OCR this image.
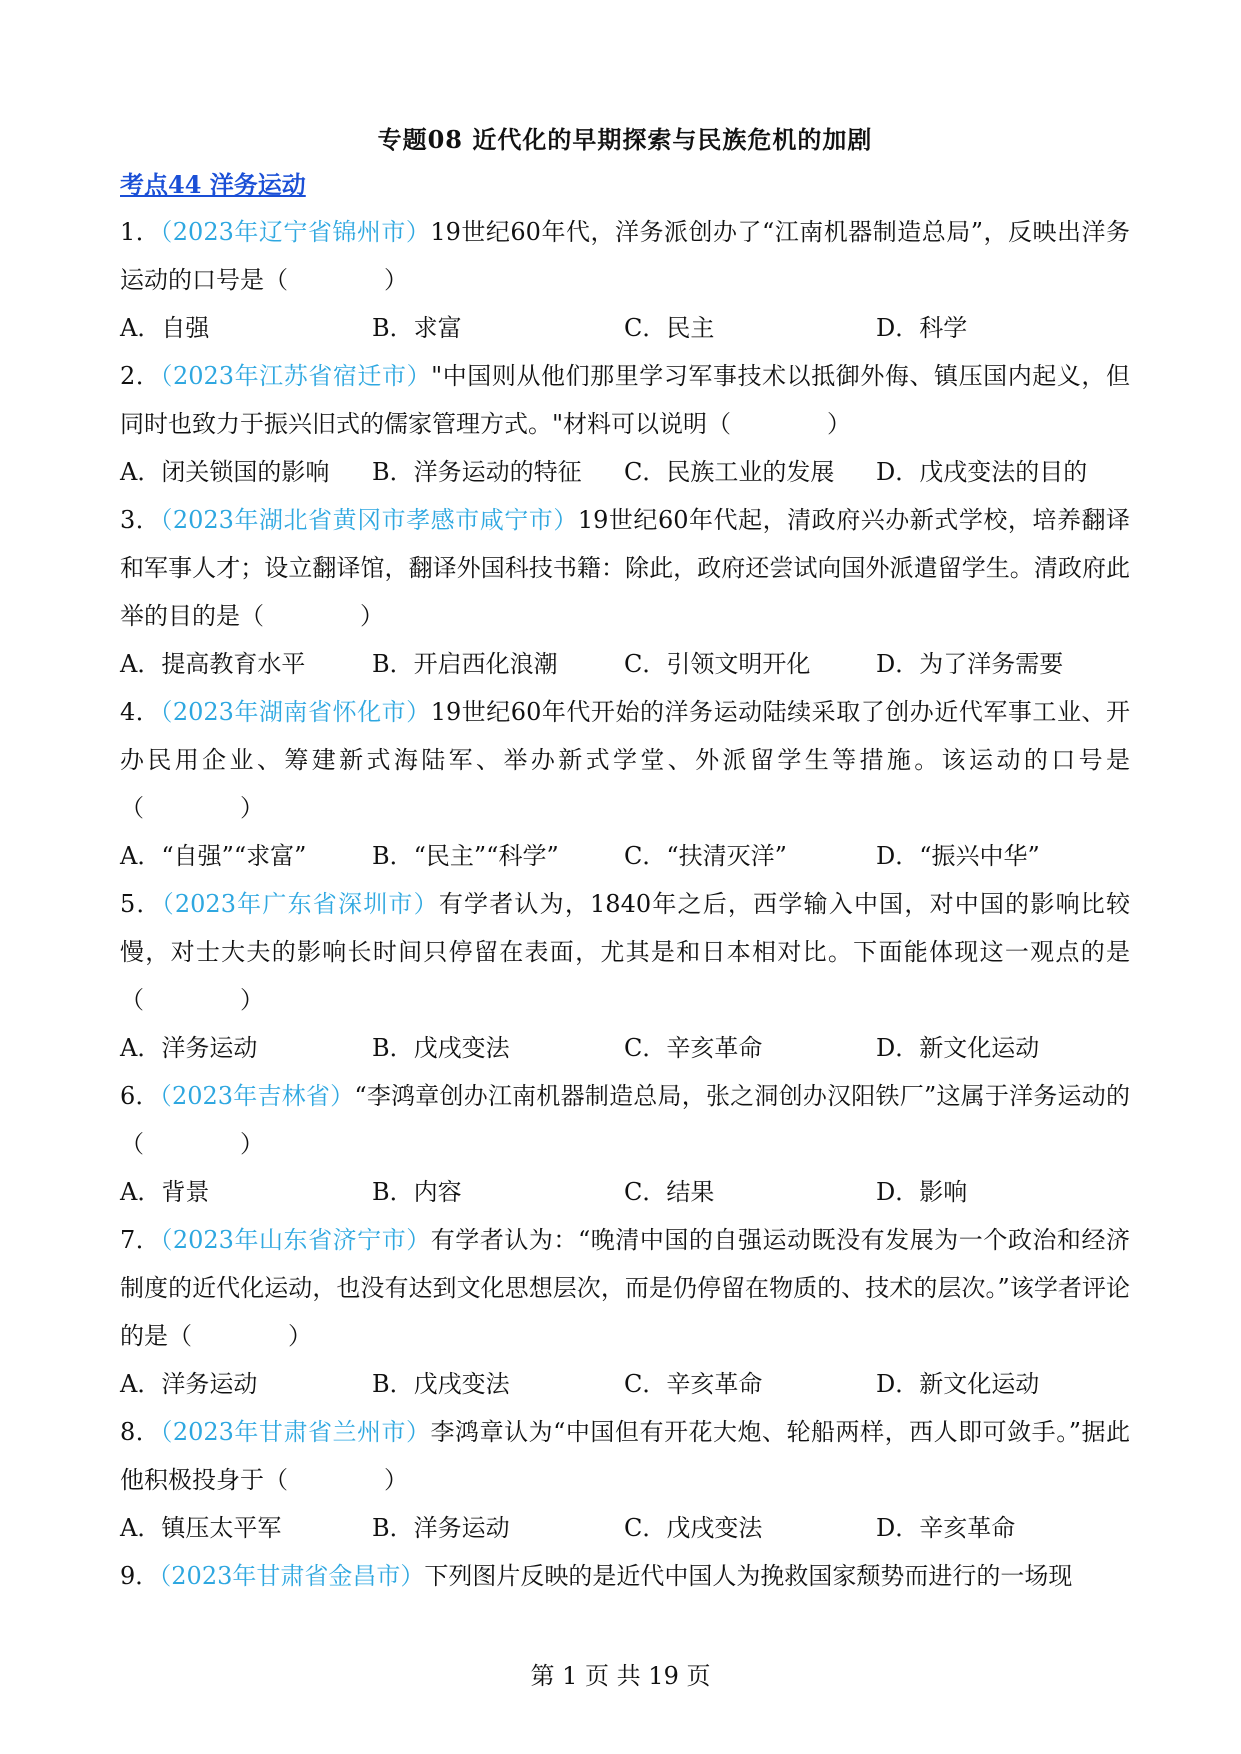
专题08 近代化的早期探索与民族危机的加剧
考点44 洋务运动
1．（2023年辽宁省锦州市）19世纪60年代，洋务派创办了“江南机器制造总局”，反映出洋务运动的口号是（　　　　）
A．自强	B．求富	C．民主	D．科学
2．（2023年江苏省宿迁市）"中国则从他们那里学习军事技术以抵御外侮、镇压国内起义，但同时也致力于振兴旧式的儒家管理方式。"材料可以说明（　　　　）
A．闭关锁国的影响	B．洋务运动的特征	C．民族工业的发展	D．戊戌变法的目的
3．（2023年湖北省黄冈市孝感市咸宁市）19世纪60年代起，清政府兴办新式学校，培养翻译和军事人才；设立翻译馆，翻译外国科技书籍：除此，政府还尝试向国外派遣留学生。清政府此举的目的是（　　　　）
A．提高教育水平	B．开启西化浪潮	C．引领文明开化	D．为了洋务需要
4．（2023年湖南省怀化市）19世纪60年代开始的洋务运动陆续采取了创办近代军事工业、开办民用企业、筹建新式海陆军、举办新式学堂、外派留学生等措施。该运动的口号是（　　　　）
A．“自强”“求富”	B．“民主”“科学”	C．“扶清灭洋”	D．“振兴中华”
5．（2023年广东省深圳市）有学者认为，1840年之后，西学输入中国，对中国的影响比较慢，对士大夫的影响长时间只停留在表面，尤其是和日本相对比。下面能体现这一观点的是（　　　　）
A．洋务运动	B．戊戌变法	C．辛亥革命	D．新文化运动
6．（2023年吉林省）“李鸿章创办江南机器制造总局，张之洞创办汉阳铁厂”这属于洋务运动的（　　　　）
A．背景	B．内容	C．结果	D．影响
7．（2023年山东省济宁市）有学者认为：“晚清中国的自强运动既没有发展为一个政治和经济制度的近代化运动，也没有达到文化思想层次，而是仍停留在物质的、技术的层次。”该学者评论的是（　　　　）
A．洋务运动	B．戊戌变法	C．辛亥革命	D．新文化运动
8．（2023年甘肃省兰州市）李鸿章认为“中国但有开花大炮、轮船两样，西人即可敛手。”据此他积极投身于（　　　　）
A．镇压太平军	B．洋务运动	C．戊戌变法	D．辛亥革命
9．（2023年甘肃省金昌市）下列图片反映的是近代中国人为挽救国家颓势而进行的一场现
第 1 页 共 19 页
